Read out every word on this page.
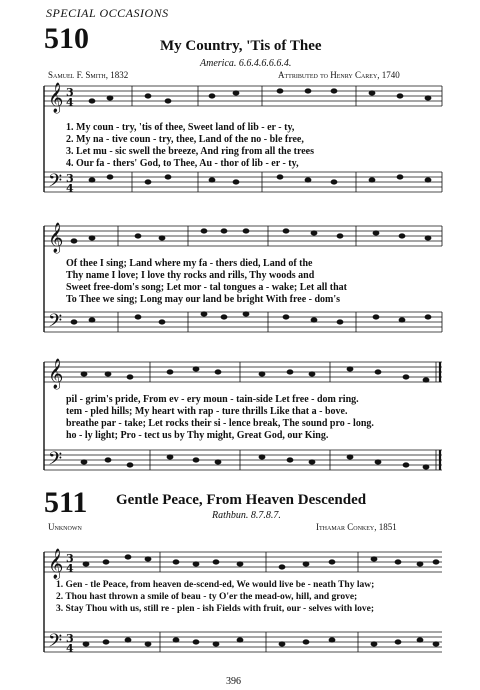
SPECIAL OCCASIONS
510	My Country, 'Tis of Thee
America. 6.6.4.6.6.6.4.
Samuel F. Smith, 1832	Attributed to Henry Carey, 1740
𝄞
𝄢
3
4
3
4
𝄞
𝄢
𝄞
𝄢
𝄞
𝄢
3
4
3
4
1. My coun - try, 'tis of thee, Sweet land of lib - er - ty,
2. My na - tive coun - try, thee, Land of the no - ble free,
3. Let mu - sic swell the breeze, And ring from all the trees
4. Our fa - thers' God, to Thee, Au - thor of lib - er - ty,
Of thee I sing; Land where my fa - thers died, Land of the
Thy name I love; I love thy rocks and rills, Thy woods and
Sweet free-dom's song; Let mor - tal tongues a - wake; Let all that
To Thee we sing; Long may our land be bright With free - dom's
pil - grim's pride, From ev - ery moun - tain-side Let free - dom ring.
tem - pled hills; My heart with rap - ture thrills Like that a - bove.
breathe par - take; Let rocks their si - lence break, The sound pro - long.
ho - ly light; Pro - tect us by Thy might, Great God, our King.
511 Gentle Peace, From Heaven Descended
Rathbun. 8.7.8.7.
Unknown	Ithamar Conkey, 1851
1. Gen - tle Peace, from heaven de-scend-ed, We would live be - neath Thy law;
2. Thou hast thrown a smile of beau - ty O'er the mead-ow, hill, and grove;
3. Stay Thou with us, still re - plen - ish Fields with fruit, our - selves with love;
396
